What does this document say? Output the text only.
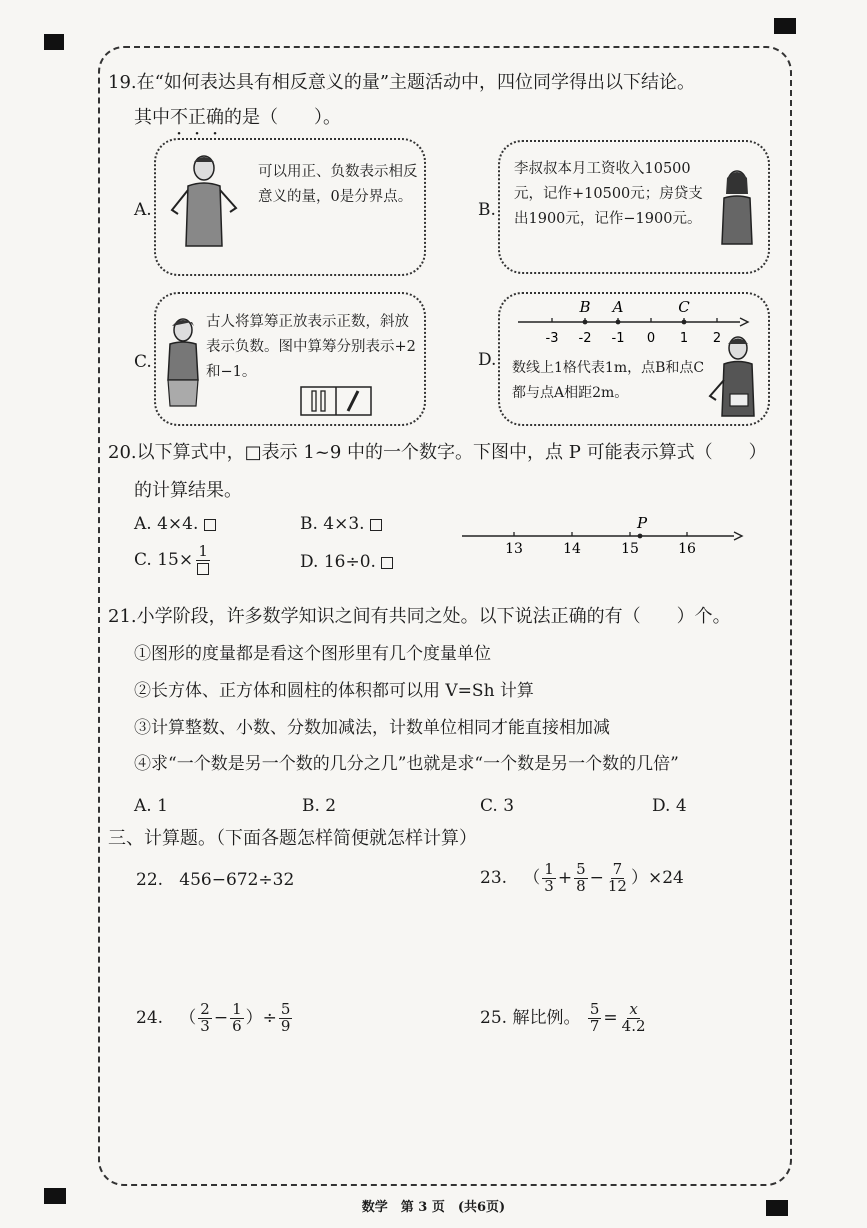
19.在“如何表达具有相反意义的量”主题活动中，四位同学得出以下结论。
其中不正确的是（　　）。
A.
可以用正、负数表示相反意义的量，0是分界点。
B.
李叔叔本月工资收入10500元，记作+10500元；房贷支出1900元，记作−1900元。
C.
古人将算筹正放表示正数，斜放表示负数。图中算筹分别表示+2和−1。
D.
B A	C
-3 -2 -1 0 1 2
数线上1格代表1m，点B和点C都与点A相距2m。
20.以下算式中，□表示 1~9 中的一个数字。下图中，点 P 可能表示算式（　　）
的计算结果。
A. 4×4.	B. 4×3.
C. 15× 1
D. 16÷0.
P
13	14	15	16
21.小学阶段，许多数学知识之间有共同之处。以下说法正确的有（　　）个。
①图形的度量都是看这个图形里有几个度量单位
②长方体、正方体和圆柱的体积都可以用 V=Sh 计算
③计算整数、小数、分数加减法，计数单位相同才能直接相加减
④求“一个数是另一个数的几分之几”也就是求“一个数是另一个数的几倍”
A. 1	B. 2	C. 3	D. 4
三、计算题。（下面各题怎样简便就怎样计算）
22. 456−672÷32	23. （ $\frac{1}{3} + \frac{5}{8} - \frac{7}{12} )\times 24$
24. （ $\frac{2}{3} - \frac{1}{6}$ ）÷ $\frac{5}{9}$	25. 解比例。 $\frac{5}{7} = \frac{x}{4.2}$
数学　第 3 页　(共6页)
